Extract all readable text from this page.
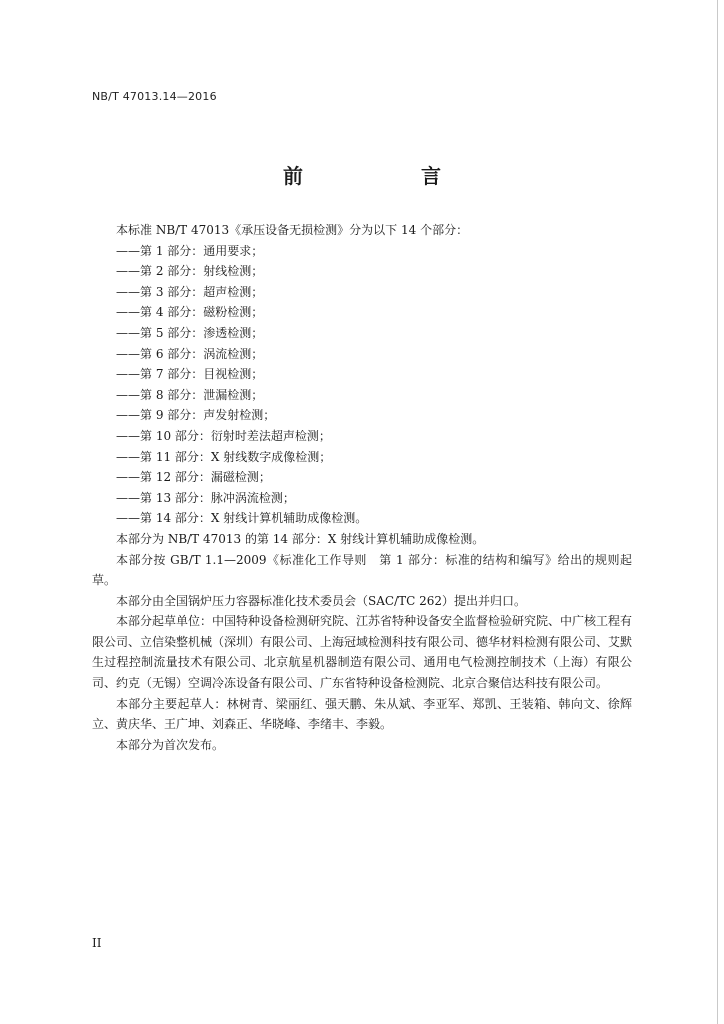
NB/T 47013.14—2016
前　　言

本标准 NB/T 47013《承压设备无损检测》分为以下 14 个部分：

——第 1 部分：通用要求；

——第 2 部分：射线检测；

——第 3 部分：超声检测；

——第 4 部分：磁粉检测；

——第 5 部分：渗透检测；

——第 6 部分：涡流检测；

——第 7 部分：目视检测；

——第 8 部分：泄漏检测；

——第 9 部分：声发射检测；

——第 10 部分：衍射时差法超声检测；

——第 11 部分：X 射线数字成像检测；

——第 12 部分：漏磁检测；

——第 13 部分：脉冲涡流检测；

——第 14 部分：X 射线计算机辅助成像检测。

本部分为 NB/T 47013 的第 14 部分：X 射线计算机辅助成像检测。

本部分按 GB/T 1.1—2009《标准化工作导则　第 1 部分：标准的结构和编写》给出的规则起草。

本部分由全国锅炉压力容器标准化技术委员会（SAC/TC 262）提出并归口。

本部分起草单位：中国特种设备检测研究院、江苏省特种设备安全监督检验研究院、中广核工程有限公司、立信染整机械（深圳）有限公司、上海冠域检测科技有限公司、德华材料检测有限公司、艾默生过程控制流量技术有限公司、北京航星机器制造有限公司、通用电气检测控制技术（上海）有限公司、约克（无锡）空调冷冻设备有限公司、广东省特种设备检测院、北京合聚信达科技有限公司。

本部分主要起草人：林树青、梁丽红、强天鹏、朱从斌、李亚军、郑凯、王装箱、韩向文、徐辉立、黄庆华、王广坤、刘森正、华晓峰、李绪丰、李毅。

本部分为首次发布。

II
